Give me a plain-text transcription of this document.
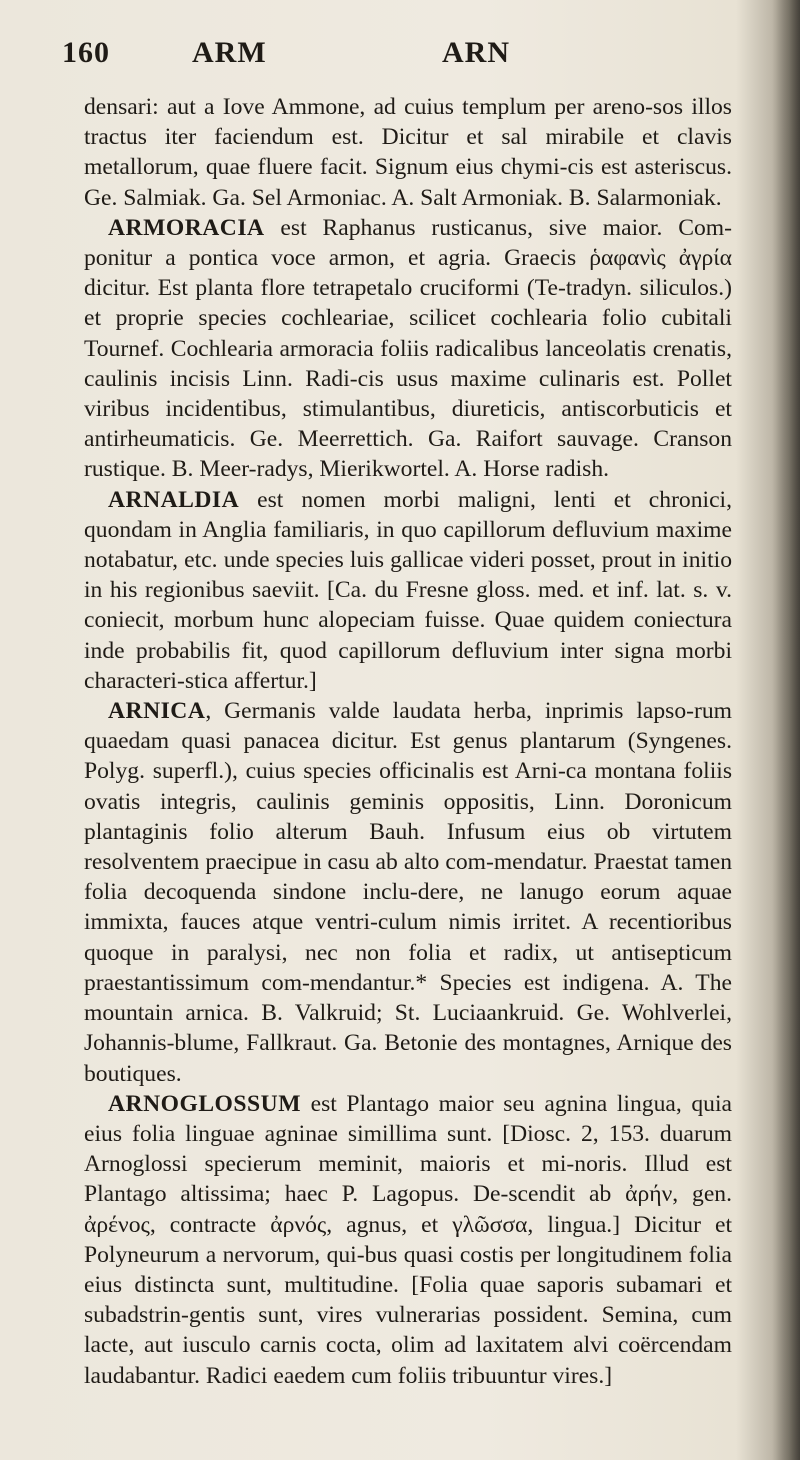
160	ARM	ARN

densari: aut a Iove Ammone, ad cuius templum per areno-sos illos tractus iter faciendum est. Dicitur et sal mirabile et clavis metallorum, quae fluere facit. Signum eius chymi-cis est asteriscus. Ge. Salmiak. Ga. Sel Armoniac. A. Salt Armoniak. B. Salarmoniak.

ARMORACIA est Raphanus rusticanus, sive maior. Com-ponitur a pontica voce armon, et agria. Graecis ῥαφανὶς ἀγρία dicitur. Est planta flore tetrapetalo cruciformi (Te-tradyn. siliculos.) et proprie species cochleariae, scilicet cochlearia folio cubitali Tournef. Cochlearia armoracia foliis radicalibus lanceolatis crenatis, caulinis incisis Linn. Radi-cis usus maxime culinaris est. Pollet viribus incidentibus, stimulantibus, diureticis, antiscorbuticis et antirheumaticis. Ge. Meerrettich. Ga. Raifort sauvage. Cranson rustique. B. Meer-radys, Mierikwortel. A. Horse radish.

ARNALDIA est nomen morbi maligni, lenti et chronici, quondam in Anglia familiaris, in quo capillorum defluvium maxime notabatur, etc. unde species luis gallicae videri posset, prout in initio in his regionibus saeviit. [Ca. du Fresne gloss. med. et inf. lat. s. v. coniecit, morbum hunc alopeciam fuisse. Quae quidem coniectura inde probabilis fit, quod capillorum defluvium inter signa morbi characteri-stica affertur.]

ARNICA, Germanis valde laudata herba, inprimis lapso-rum quaedam quasi panacea dicitur. Est genus plantarum (Syngenes. Polyg. superfl.), cuius species officinalis est Arni-ca montana foliis ovatis integris, caulinis geminis oppositis, Linn. Doronicum plantaginis folio alterum Bauh. Infusum eius ob virtutem resolventem praecipue in casu ab alto com-mendatur. Praestat tamen folia decoquenda sindone inclu-dere, ne lanugo eorum aquae immixta, fauces atque ventri-culum nimis irritet. A recentioribus quoque in paralysi, nec non folia et radix, ut antisepticum praestantissimum com-mendantur.* Species est indigena. A. The mountain arnica. B. Valkruid; St. Luciaankruid. Ge. Wohlverlei, Johannis-blume, Fallkraut. Ga. Betonie des montagnes, Arnique des boutiques.

ARNOGLOSSUM est Plantago maior seu agnina lingua, quia eius folia linguae agninae simillima sunt. [Diosc. 2, 153. duarum Arnoglossi specierum meminit, maioris et mi-noris. Illud est Plantago altissima; haec P. Lagopus. De-scendit ab ἀρήν, gen. ἀρένος, contracte ἀρνός, agnus, et γλῶσσα, lingua.] Dicitur et Polyneurum a nervorum, qui-bus quasi costis per longitudinem folia eius distincta sunt, multitudine. [Folia quae saporis subamari et subadstrin-gentis sunt, vires vulnerarias possident. Semina, cum lacte, aut iusculo carnis cocta, olim ad laxitatem alvi coërcendam laudabantur. Radici eaedem cum foliis tribuuntur vires.]
